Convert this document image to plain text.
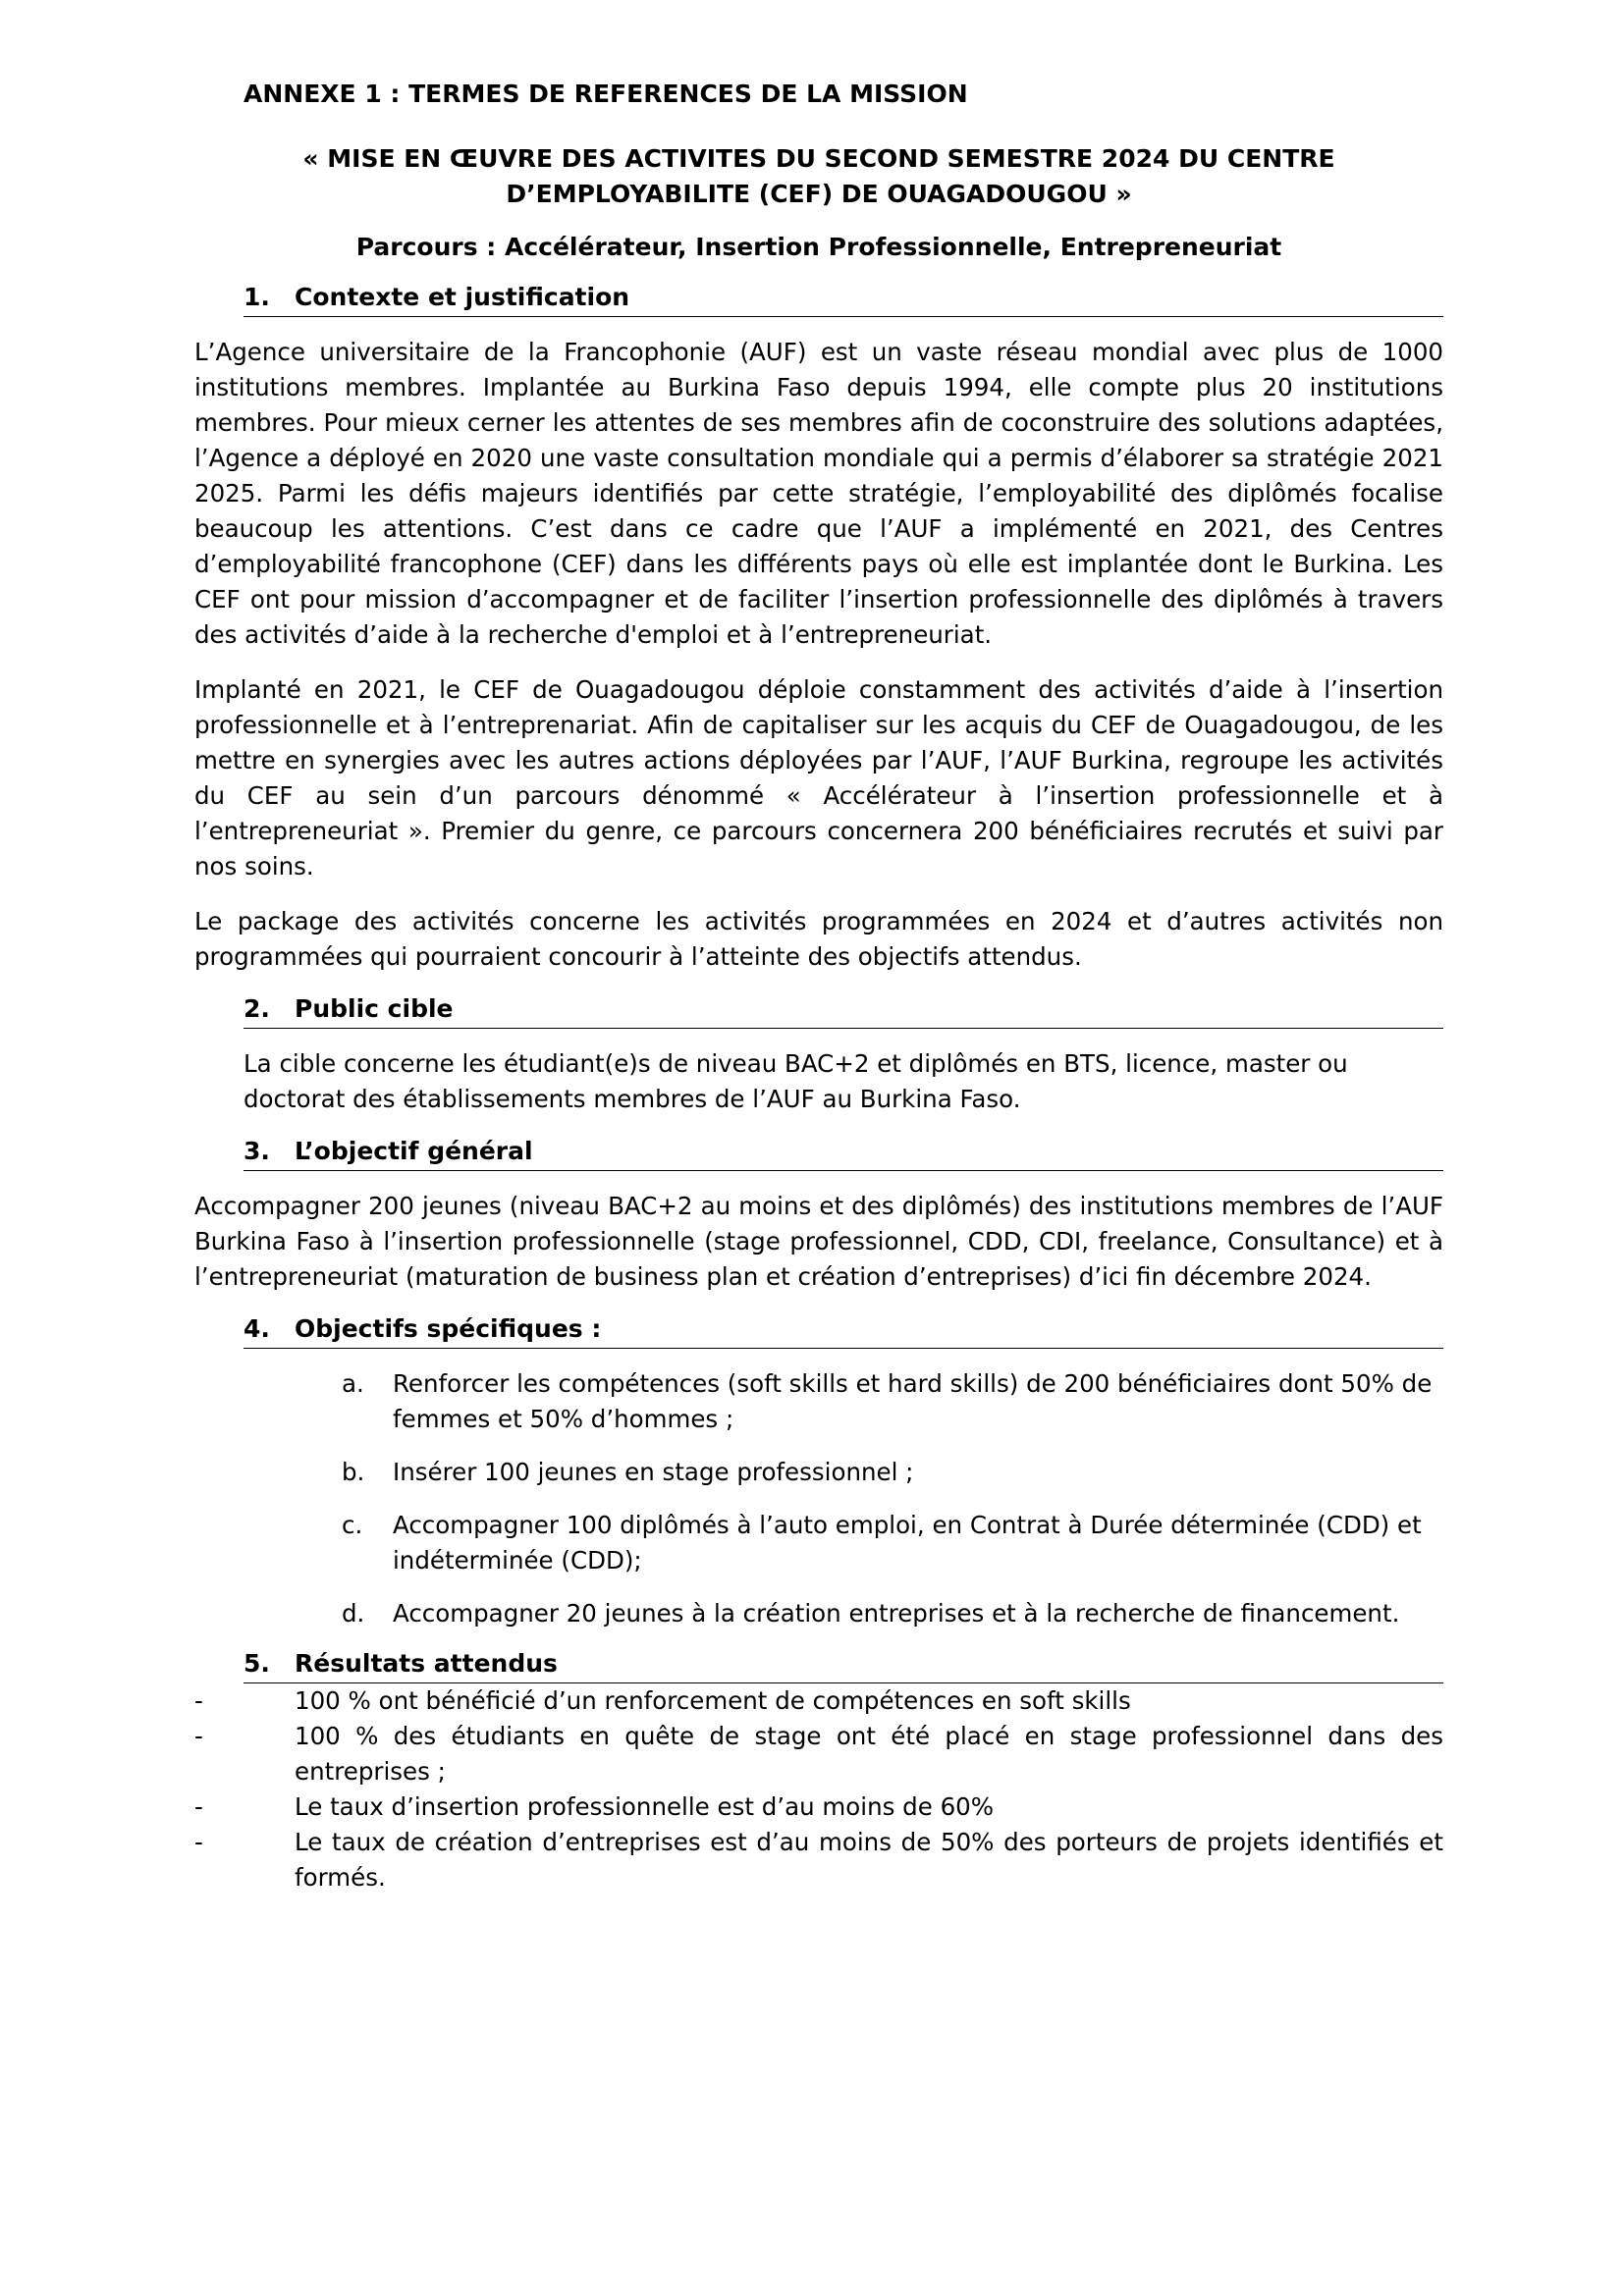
ANNEXE 1 : TERMES DE REFERENCES DE LA MISSION

« MISE EN ŒUVRE DES ACTIVITES DU SECOND SEMESTRE 2024 DU CENTRE
D’EMPLOYABILITE (CEF) DE OUAGADOUGOU »

Parcours : Accélérateur, Insertion Professionnelle, Entrepreneuriat

1.	Contexte et justification

L’Agence universitaire de la Francophonie (AUF) est un vaste réseau mondial avec plus de 1000 institutions membres. Implantée au Burkina Faso depuis 1994, elle compte plus 20 institutions membres. Pour mieux cerner les attentes de ses membres afin de coconstruire des solutions adaptées, l’Agence a déployé en 2020 une vaste consultation mondiale qui a permis d’élaborer sa stratégie 2021 2025. Parmi les défis majeurs identifiés par cette stratégie, l’employabilité des diplômés focalise beaucoup les attentions. C’est dans ce cadre que l’AUF a implémenté en 2021, des Centres d’employabilité francophone (CEF) dans les différents pays où elle est implantée dont le Burkina. Les CEF ont pour mission d’accompagner et de faciliter l’insertion professionnelle des diplômés à travers des activités d’aide à la recherche d'emploi et à l’entrepreneuriat.

Implanté en 2021, le CEF de Ouagadougou déploie constamment des activités d’aide à l’insertion professionnelle et à l’entreprenariat. Afin de capitaliser sur les acquis du CEF de Ouagadougou, de les mettre en synergies avec les autres actions déployées par l’AUF, l’AUF Burkina, regroupe les activités du CEF au sein d’un parcours dénommé « Accélérateur à l’insertion professionnelle et à l’entrepreneuriat ». Premier du genre, ce parcours concernera 200 bénéficiaires recrutés et suivi par nos soins.

Le package des activités concerne les activités programmées en 2024 et d’autres activités non programmées qui pourraient concourir à l’atteinte des objectifs attendus.

2.	Public cible

La cible concerne les étudiant(e)s de niveau BAC+2 et diplômés en BTS, licence, master ou doctorat des établissements membres de l’AUF au Burkina Faso.

3.	L’objectif général

Accompagner 200 jeunes (niveau BAC+2 au moins et des diplômés) des institutions membres de l’AUF Burkina Faso à l’insertion professionnelle (stage professionnel, CDD, CDI, freelance, Consultance) et à l’entrepreneuriat (maturation de business plan et création d’entreprises) d’ici fin décembre 2024.

4.	Objectifs spécifiques :
a.	Renforcer les compétences (soft skills et hard skills) de 200 bénéficiaires dont 50% de femmes et 50% d’hommes ;
b.	Insérer 100 jeunes en stage professionnel ;
c.	Accompagner 100 diplômés à l’auto emploi, en Contrat à Durée déterminée (CDD) et indéterminée (CDD);
d.	Accompagner 20 jeunes à la création entreprises et à la recherche de financement.
5.	Résultats attendus
-	100 % ont bénéficié d’un renforcement de compétences en soft skills
-	100 % des étudiants en quête de stage ont été placé en stage professionnel dans des entreprises ;
-	Le taux d’insertion professionnelle est d’au moins de 60%
-	Le taux de création d’entreprises est d’au moins de 50% des porteurs de projets identifiés et formés.
